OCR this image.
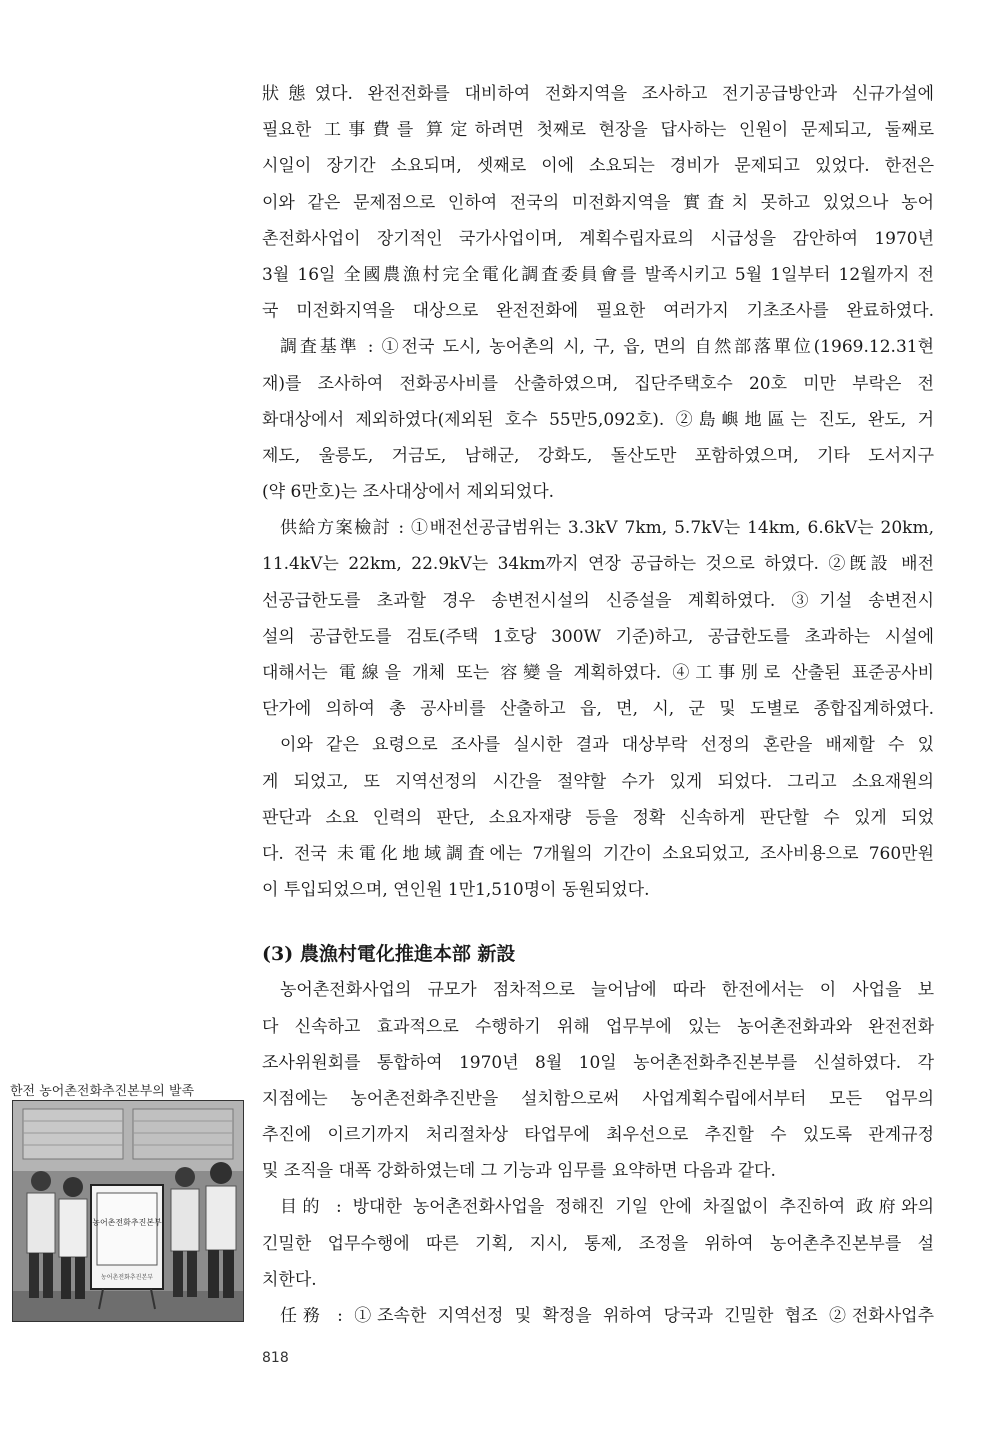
狀態였다. 완전전화를 대비하여 전화지역을 조사하고 전기공급방안과 신규가설에
필요한 工事費를 算定하려면 첫째로 현장을 답사하는 인원이 문제되고, 둘째로
시일이 장기간 소요되며, 셋째로 이에 소요되는 경비가 문제되고 있었다. 한전은
이와 같은 문제점으로 인하여 전국의 미전화지역을 實査치 못하고 있었으나 농어
촌전화사업이 장기적인 국가사업이며, 계획수립자료의 시급성을 감안하여 1970년
3월 16일 全國農漁村完全電化調査委員會를 발족시키고 5월 1일부터 12월까지 전
국 미전화지역을 대상으로 완전전화에 필요한 여러가지 기초조사를 완료하였다.
調査基準 : ①전국 도시, 농어촌의 시, 구, 읍, 면의 自然部落單位(1969.12.31현
재)를 조사하여 전화공사비를 산출하였으며, 집단주택호수 20호 미만 부락은 전
화대상에서 제외하였다(제외된 호수 55만5,092호). ②島嶼地區는 진도, 완도, 거
제도, 울릉도, 거금도, 남해군, 강화도, 돌산도만 포함하였으며, 기타 도서지구
(약 6만호)는 조사대상에서 제외되었다.
供給方案檢討 : ①배전선공급범위는 3.3kV 7km, 5.7kV는 14km, 6.6kV는 20km,
11.4kV는 22km, 22.9kV는 34km까지 연장 공급하는 것으로 하였다. ②旣設 배전
선공급한도를 초과할 경우 송변전시설의 신증설을 계획하였다. ③기설 송변전시
설의 공급한도를 검토(주택 1호당 300W 기준)하고, 공급한도를 초과하는 시설에
대해서는 電線을 개체 또는 容變을 계획하였다. ④工事別로 산출된 표준공사비
단가에 의하여 총 공사비를 산출하고 읍, 면, 시, 군 및 도별로 종합집계하였다.
이와 같은 요령으로 조사를 실시한 결과 대상부락 선정의 혼란을 배제할 수 있
게 되었고, 또 지역선정의 시간을 절약할 수가 있게 되었다. 그리고 소요재원의
판단과 소요 인력의 판단, 소요자재량 등을 정확 신속하게 판단할 수 있게 되었
다. 전국 未電化地域調査에는 7개월의 기간이 소요되었고, 조사비용으로 760만원
이 투입되었으며, 연인원 1만1,510명이 동원되었다.
(3) 農漁村電化推進本部 新設
농어촌전화사업의 규모가 점차적으로 늘어남에 따라 한전에서는 이 사업을 보
다 신속하고 효과적으로 수행하기 위해 업무부에 있는 농어촌전화과와 완전전화
조사위원회를 통합하여 1970년 8월 10일 농어촌전화추진본부를 신설하였다. 각
지점에는 농어촌전화추진반을 설치함으로써 사업계획수립에서부터 모든 업무의
추진에 이르기까지 처리절차상 타업무에 최우선으로 추진할 수 있도록 관계규정
및 조직을 대폭 강화하였는데 그 기능과 임무를 요약하면 다음과 같다.
目的 : 방대한 농어촌전화사업을 정해진 기일 안에 차질없이 추진하여 政府와의
긴밀한 업무수행에 따른 기획, 지시, 통제, 조정을 위하여 농어촌추진본부를 설
치한다.
任務 : ①조속한 지역선정 및 확정을 위하여 당국과 긴밀한 협조 ②전화사업추
한전 농어촌전화추진본부의 발족
농어촌전화추진본부
농어촌전화추진본부
818
